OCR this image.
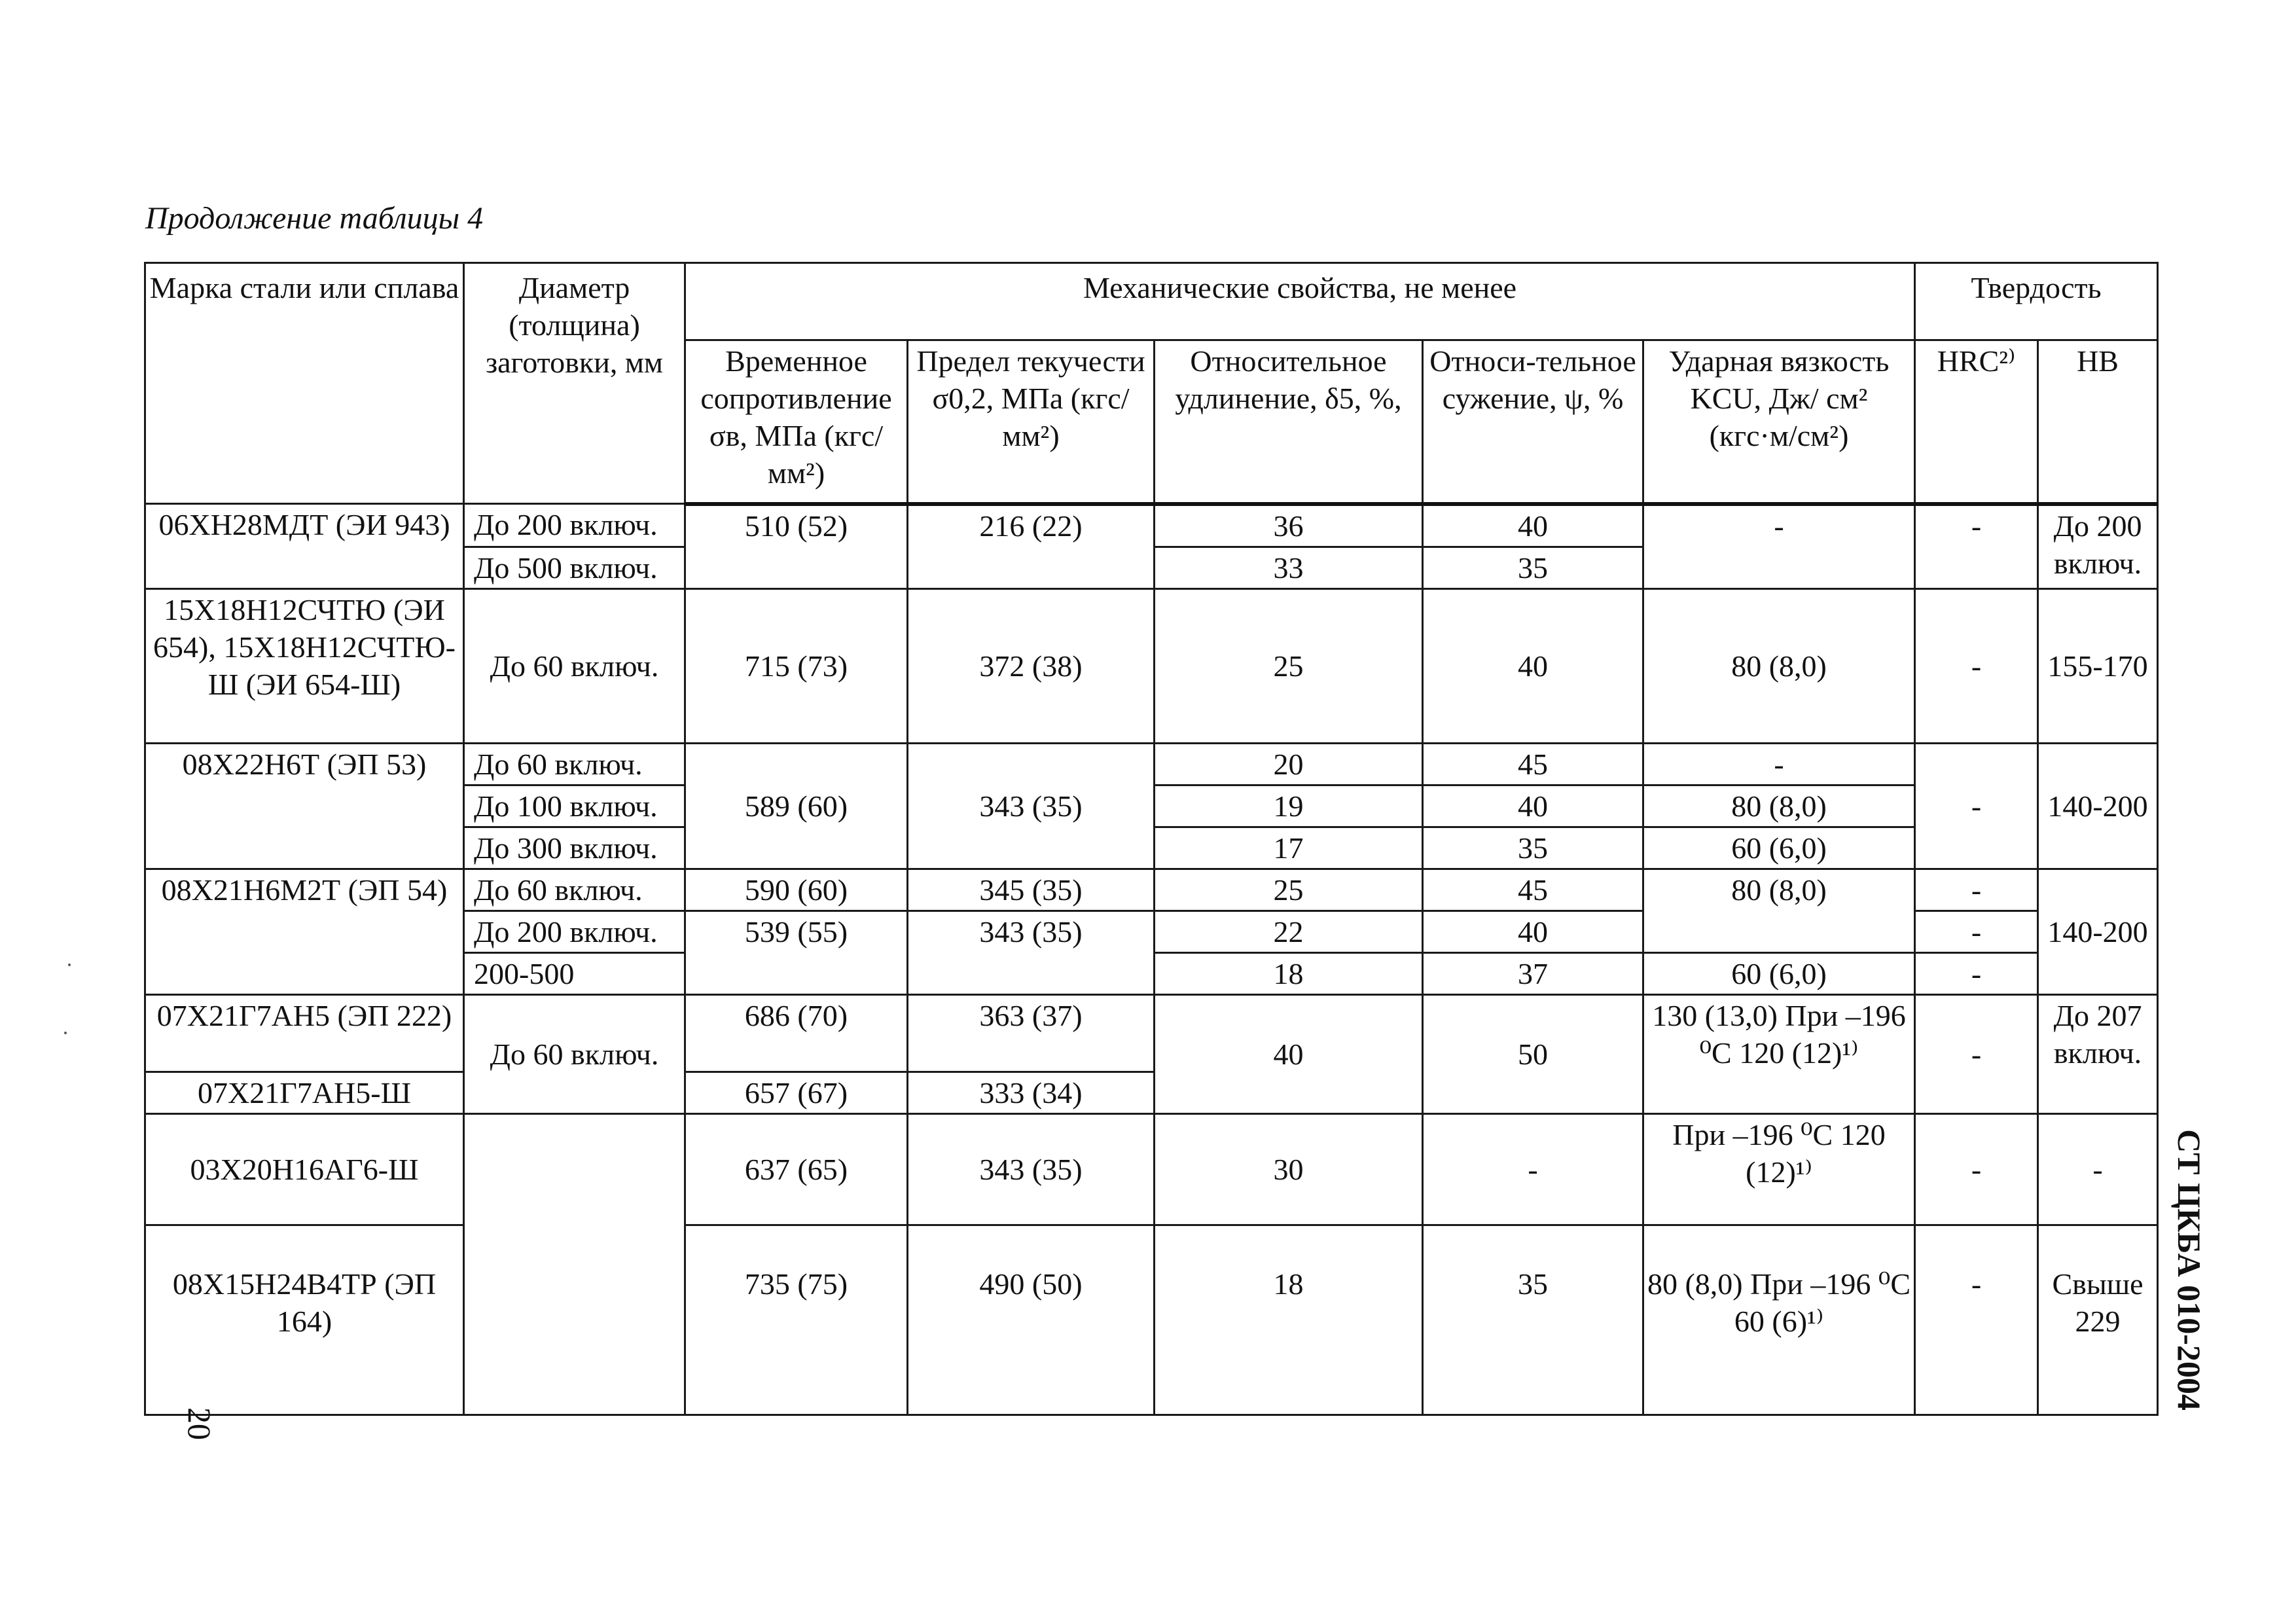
Продолжение таблицы 4
Марка стали или сплава	Диаметр (толщина) заготовки, мм	Механические свойства, не менее					Твердость	
		Временное сопротивление σв, МПа (кгс/мм²)	Предел текучести σ0,2, МПа (кгс/мм²)	Относительное удлинение, δ5, %,	Относи-тельное сужение, ψ, %	Ударная вязкость KCU, Дж/ см² (кгс·м/см²)	HRC²⁾	HB
06ХН28МДТ (ЭИ 943)	До 200 включ.	510 (52)	216 (22)	36	40	-	-	До 200 включ.
	До 500 включ.			33	35			
15Х18Н12СЧТЮ (ЭИ 654), 15Х18Н12СЧТЮ-Ш (ЭИ 654-Ш)	До 60 включ.	715 (73)	372 (38)	25	40	80 (8,0)	-	155-170
08Х22Н6Т (ЭП 53)	До 60 включ.	589 (60)	343 (35)	20	45	-	-	140-200
	До 100 включ.			19	40	80 (8,0)		
	До 300 включ.			17	35	60 (6,0)		
08Х21Н6М2Т (ЭП 54)	До 60 включ.	590 (60)	345 (35)	25	45	80 (8,0)	-	140-200
	До 200 включ.	539 (55)	343 (35)	22	40		-	
	200-500			18	37	60 (6,0)	-	
07Х21Г7АН5 (ЭП 222)	До 60 включ.	686 (70)	363 (37)	40	50	130 (13,0) При –196 ⁰С 120 (12)¹⁾	-	До 207 включ.
07Х21Г7АН5-Ш		657 (67)	333 (34)					
03Х20Н16АГ6-Ш		637 (65)	343 (35)	30	-	При –196 ⁰С 120 (12)¹⁾	-	-
08Х15Н24В4ТР (ЭП 164)		735 (75)	490 (50)	18	35	80 (8,0) При –196 ⁰С 60 (6)¹⁾	-	Свыше 229 СТ ЦКБА 010-2004
20
